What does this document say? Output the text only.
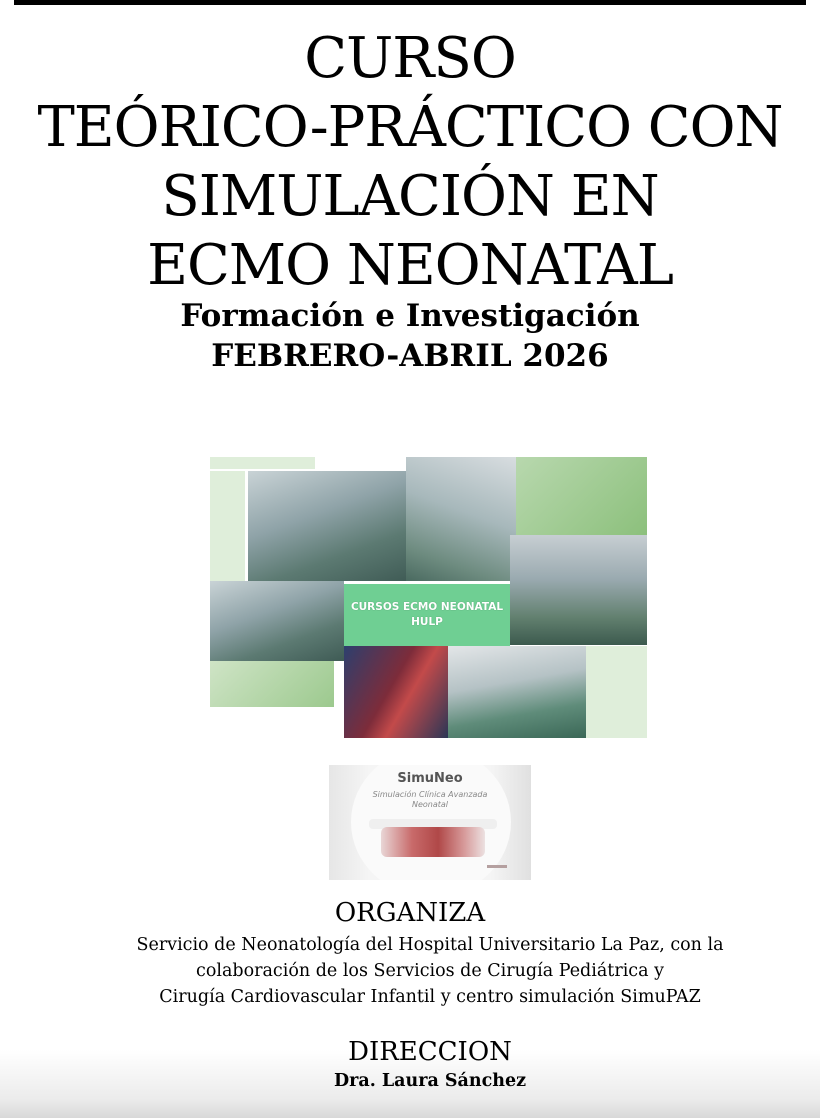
CURSO
TEÓRICO-PRÁCTICO CON
SIMULACIÓN EN
ECMO NEONATAL
Formación e Investigación
FEBRERO-ABRIL 2026
CURSOS ECMO NEONATAL
HULP
SimuNeo
Simulación Clínica Avanzada
Neonatal
ORGANIZA
Servicio de Neonatología del Hospital Universitario La Paz, con la
colaboración de los Servicios de Cirugía Pediátrica y
Cirugía Cardiovascular Infantil y centro simulación SimuPAZ
DIRECCION
Dra. Laura Sánchez
